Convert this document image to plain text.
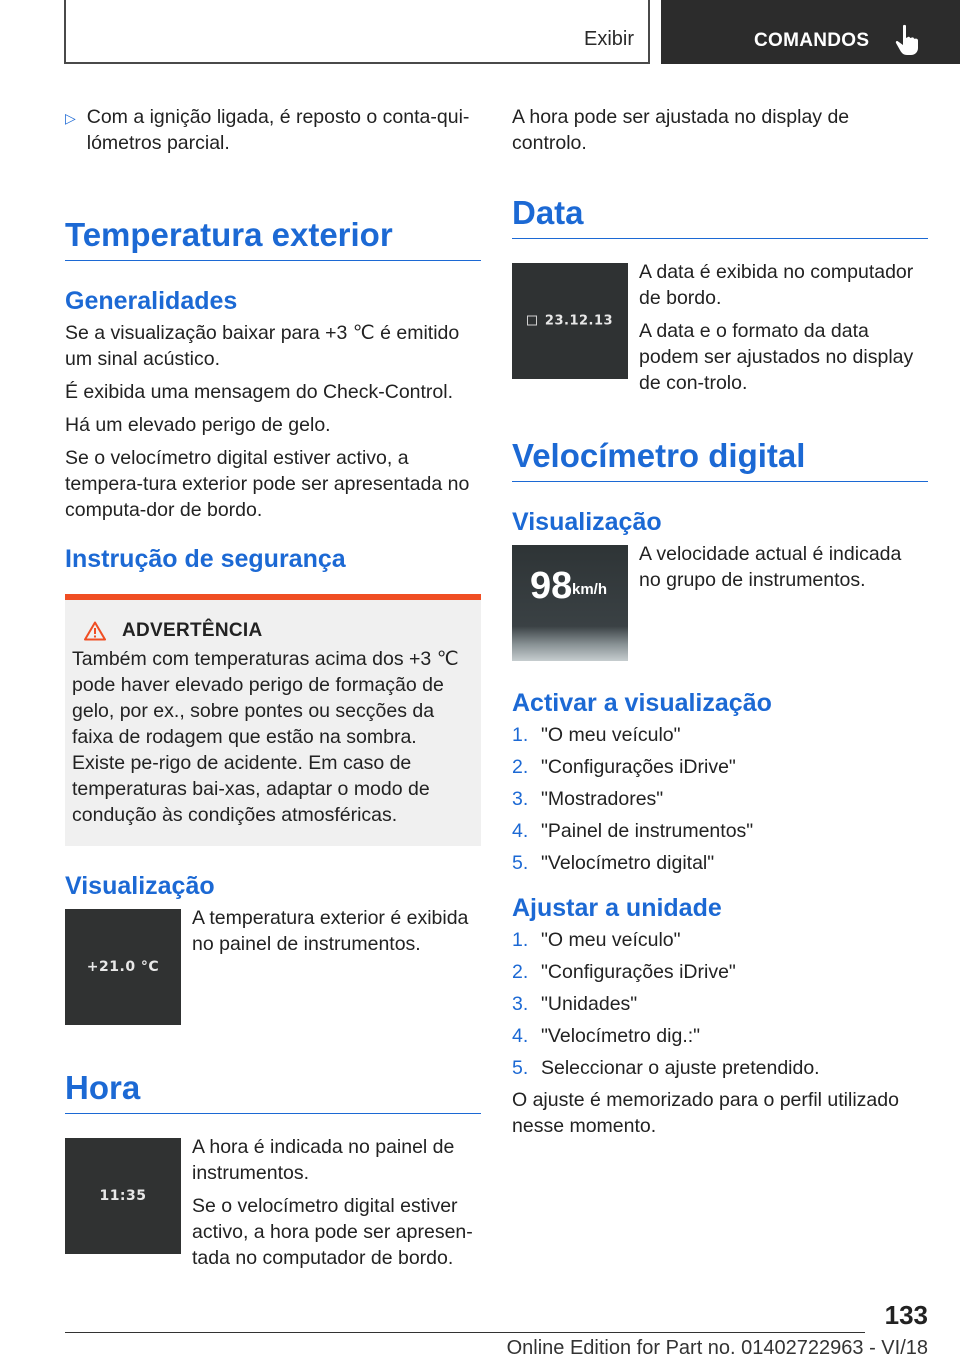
Exibir	COMANDOS
▷ Com a ignição ligada, é reposto o conta-qui-lómetros parcial.
Temperatura exterior
Generalidades

Se a visualização baixar para +3 ℃ é emitido um sinal acústico.

É exibida uma mensagem do Check-Control.

Há um elevado perigo de gelo.

Se o velocímetro digital estiver activo, a tempera-tura exterior pode ser apresentada no computa-dor de bordo.

Instrução de segurança
ADVERTÊNCIA

Também com temperaturas acima dos +3 ℃ pode haver elevado perigo de formação de gelo, por ex., sobre pontes ou secções da faixa de rodagem que estão na sombra. Existe pe-rigo de acidente. Em caso de temperaturas bai-xas, adaptar o modo de condução às condições atmosféricas.

Visualização
+21.0 °C

A temperatura exterior é exibida no painel de instrumentos.

Hora
11:35

A hora é indicada no painel de instrumentos.

Se o velocímetro digital estiver activo, a hora pode ser apresen-tada no computador de bordo.

A hora pode ser ajustada no display de controlo.

Data
23.12.13

A data é exibida no computador de bordo.

A data e o formato da data podem ser ajustados no display de con-trolo.

Velocímetro digital
Visualização
98 km/h

A velocidade actual é indicada no grupo de instrumentos.

Activar a visualização
1. "O meu veículo"
2. "Configurações iDrive"
3. "Mostradores"
4. "Painel de instrumentos"
5. "Velocímetro digital"
Ajustar a unidade
1. "O meu veículo"
2. "Configurações iDrive"
3. "Unidades"
4. "Velocímetro dig.:"
5. Seleccionar o ajuste pretendido.

O ajuste é memorizado para o perfil utilizado nesse momento.

133
Online Edition for Part no. 01402722963 - VI/18
